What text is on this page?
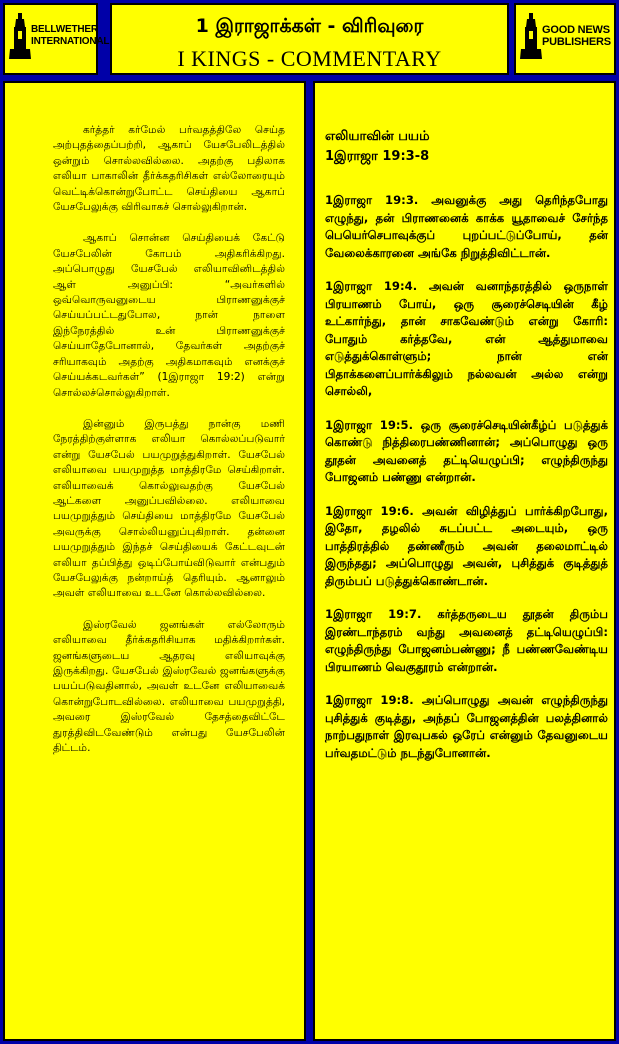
BELLWETHER
INTERNATIONAL
1 இராஜாக்கள் - விரிவுரை
I KINGS - COMMENTARY
GOOD NEWS
PUBLISHERS

கர்த்தர் கர்மேல் பர்வதத்திலே செய்த அற்புதத்தைப்பற்றி, ஆகாப் யேசபேலிடத்தில் ஒன்றும் சொல்லவில்லை. அதற்கு பதிலாக எலியா பாகாலின் தீர்க்கதரிசிகள் எல்லோரையும் வெட்டிக்கொன்றுபோட்ட செய்தியை ஆகாப் யேசபேலுக்கு விரிவாகச் சொல்லுகிறான்.

ஆகாப் சொன்ன செய்தியைக் கேட்டு யேசபேலின் கோபம் அதிகரிக்கிறது. அப்பொழுது யேசபேல் எலியாவினிடத்தில் ஆள் அனுப்பி: “அவர்களில் ஒவ்வொருவனுடைய பிராணனுக்குச் செய்யப்பட்டதுபோல, நான் நாளை இந்நேரத்தில் உன் பிராணனுக்குச் செய்யாதேபோனால், தேவர்கள் அதற்குச் சரியாகவும் அதற்கு அதிகமாகவும் எனக்குச் செய்யக்கடவர்கள்” (1இராஜா 19:2) என்று சொல்லச்சொல்லுகிறாள்.

இன்னும் இருபத்து நான்கு மணி நேரத்திற்குள்ளாக எலியா கொல்லப்படுவார் என்று யேசபேல் பயமுறுத்துகிறாள். யேசபேல் எலியாவை பயமுறுத்த மாத்திரமே செய்கிறாள். எலியாவைக் கொல்லுவதற்கு யேசபேல் ஆட்களை அனுப்பவில்லை. எலியாவை பயமுறுத்தும் செய்தியை மாத்திரமே யேசபேல் அவருக்கு சொல்லியனுப்புகிறாள். தன்னை பயமுறுத்தும் இந்தச் செய்தியைக் கேட்டவுடன் எலியா தப்பித்து ஒடிப்போய்விடுவார் என்பதும் யேசபேலுக்கு நன்றாய்த் தெரியும். ஆனாலும் அவள் எலியாவை உடனே கொல்லவில்லை.

இஸ்ரவேல் ஜனங்கள் எல்லோரும் எலியாவை தீர்க்கதரிசியாக மதிக்கிறார்கள். ஜனங்களுடைய ஆதரவு எலியாவுக்கு இருக்கிறது. யேசபேல் இஸ்ரவேல் ஜனங்களுக்கு பயப்படுவதினால், அவள் உடனே எலியாவைக் கொன்றுபோடவில்லை. எலியாவை பயமுறுத்தி, அவரை இஸ்ரவேல் தேசத்தைவிட்டே துரத்திவிடவேண்டும் என்பது யேசபேலின் திட்டம்.

எலியாவின் பயம்
1இராஜா 19:3-8

1இராஜா 19:3. அவனுக்கு அது தெரிந்தபோது எழுந்து, தன் பிராணனைக் காக்க யூதாவைச் சேர்ந்த பெயெர்செபாவுக்குப் புறப்பட்டுப்போய், தன் வேலைக்காரனை அங்கே நிறுத்திவிட்டான்.

1இராஜா 19:4. அவன் வனாந்தரத்தில் ஒருநாள் பிரயாணம் போய், ஒரு சூரைச்செடியின் கீழ் உட்கார்ந்து, தான் சாகவேண்டும் என்று கோரி: போதும் கர்த்தவே, என் ஆத்துமாவை எடுத்துக்கொள்ளும்; நான் என் பிதாக்களைப்பார்க்கிலும் நல்லவன் அல்ல என்று சொல்லி,

1இராஜா 19:5. ஒரு சூரைச்செடியின்கீழ்ப் படுத்துக் கொண்டு நித்திரைபண்ணினான்; அப்பொழுது ஒரு தூதன் அவனைத் தட்டியெழுப்பி; எழுந்திருந்து போஜனம் பண்ணு என்றான்.

1இராஜா 19:6. அவன் விழித்துப் பார்க்கிறபோது, இதோ, தழலில் சுடப்பட்ட அடையும், ஒரு பாத்திரத்தில் தண்ணீரும் அவன் தலைமாட்டில் இருந்தது; அப்பொழுது அவன், புசித்துக் குடித்துத் திரும்பப் படுத்துக்கொண்டான்.

1இராஜா 19:7. கர்த்தருடைய தூதன் திரும்ப இரண்டாந்தரம் வந்து அவனைத் தட்டியெழுப்பி: எழுந்திருந்து போஜனம்பண்ணு; நீ பண்ணவேண்டிய பிரயாணம் வெகுதூரம் என்றான்.

1இராஜா 19:8. அப்பொழுது அவன் எழுந்திருந்து புசித்துக் குடித்து, அந்தப் போஜனத்தின் பலத்தினால் நாற்பதுநாள் இரவுபகல் ஒரேப் என்னும் தேவனுடைய பர்வதமட்டும் நடந்துபோனான்.
